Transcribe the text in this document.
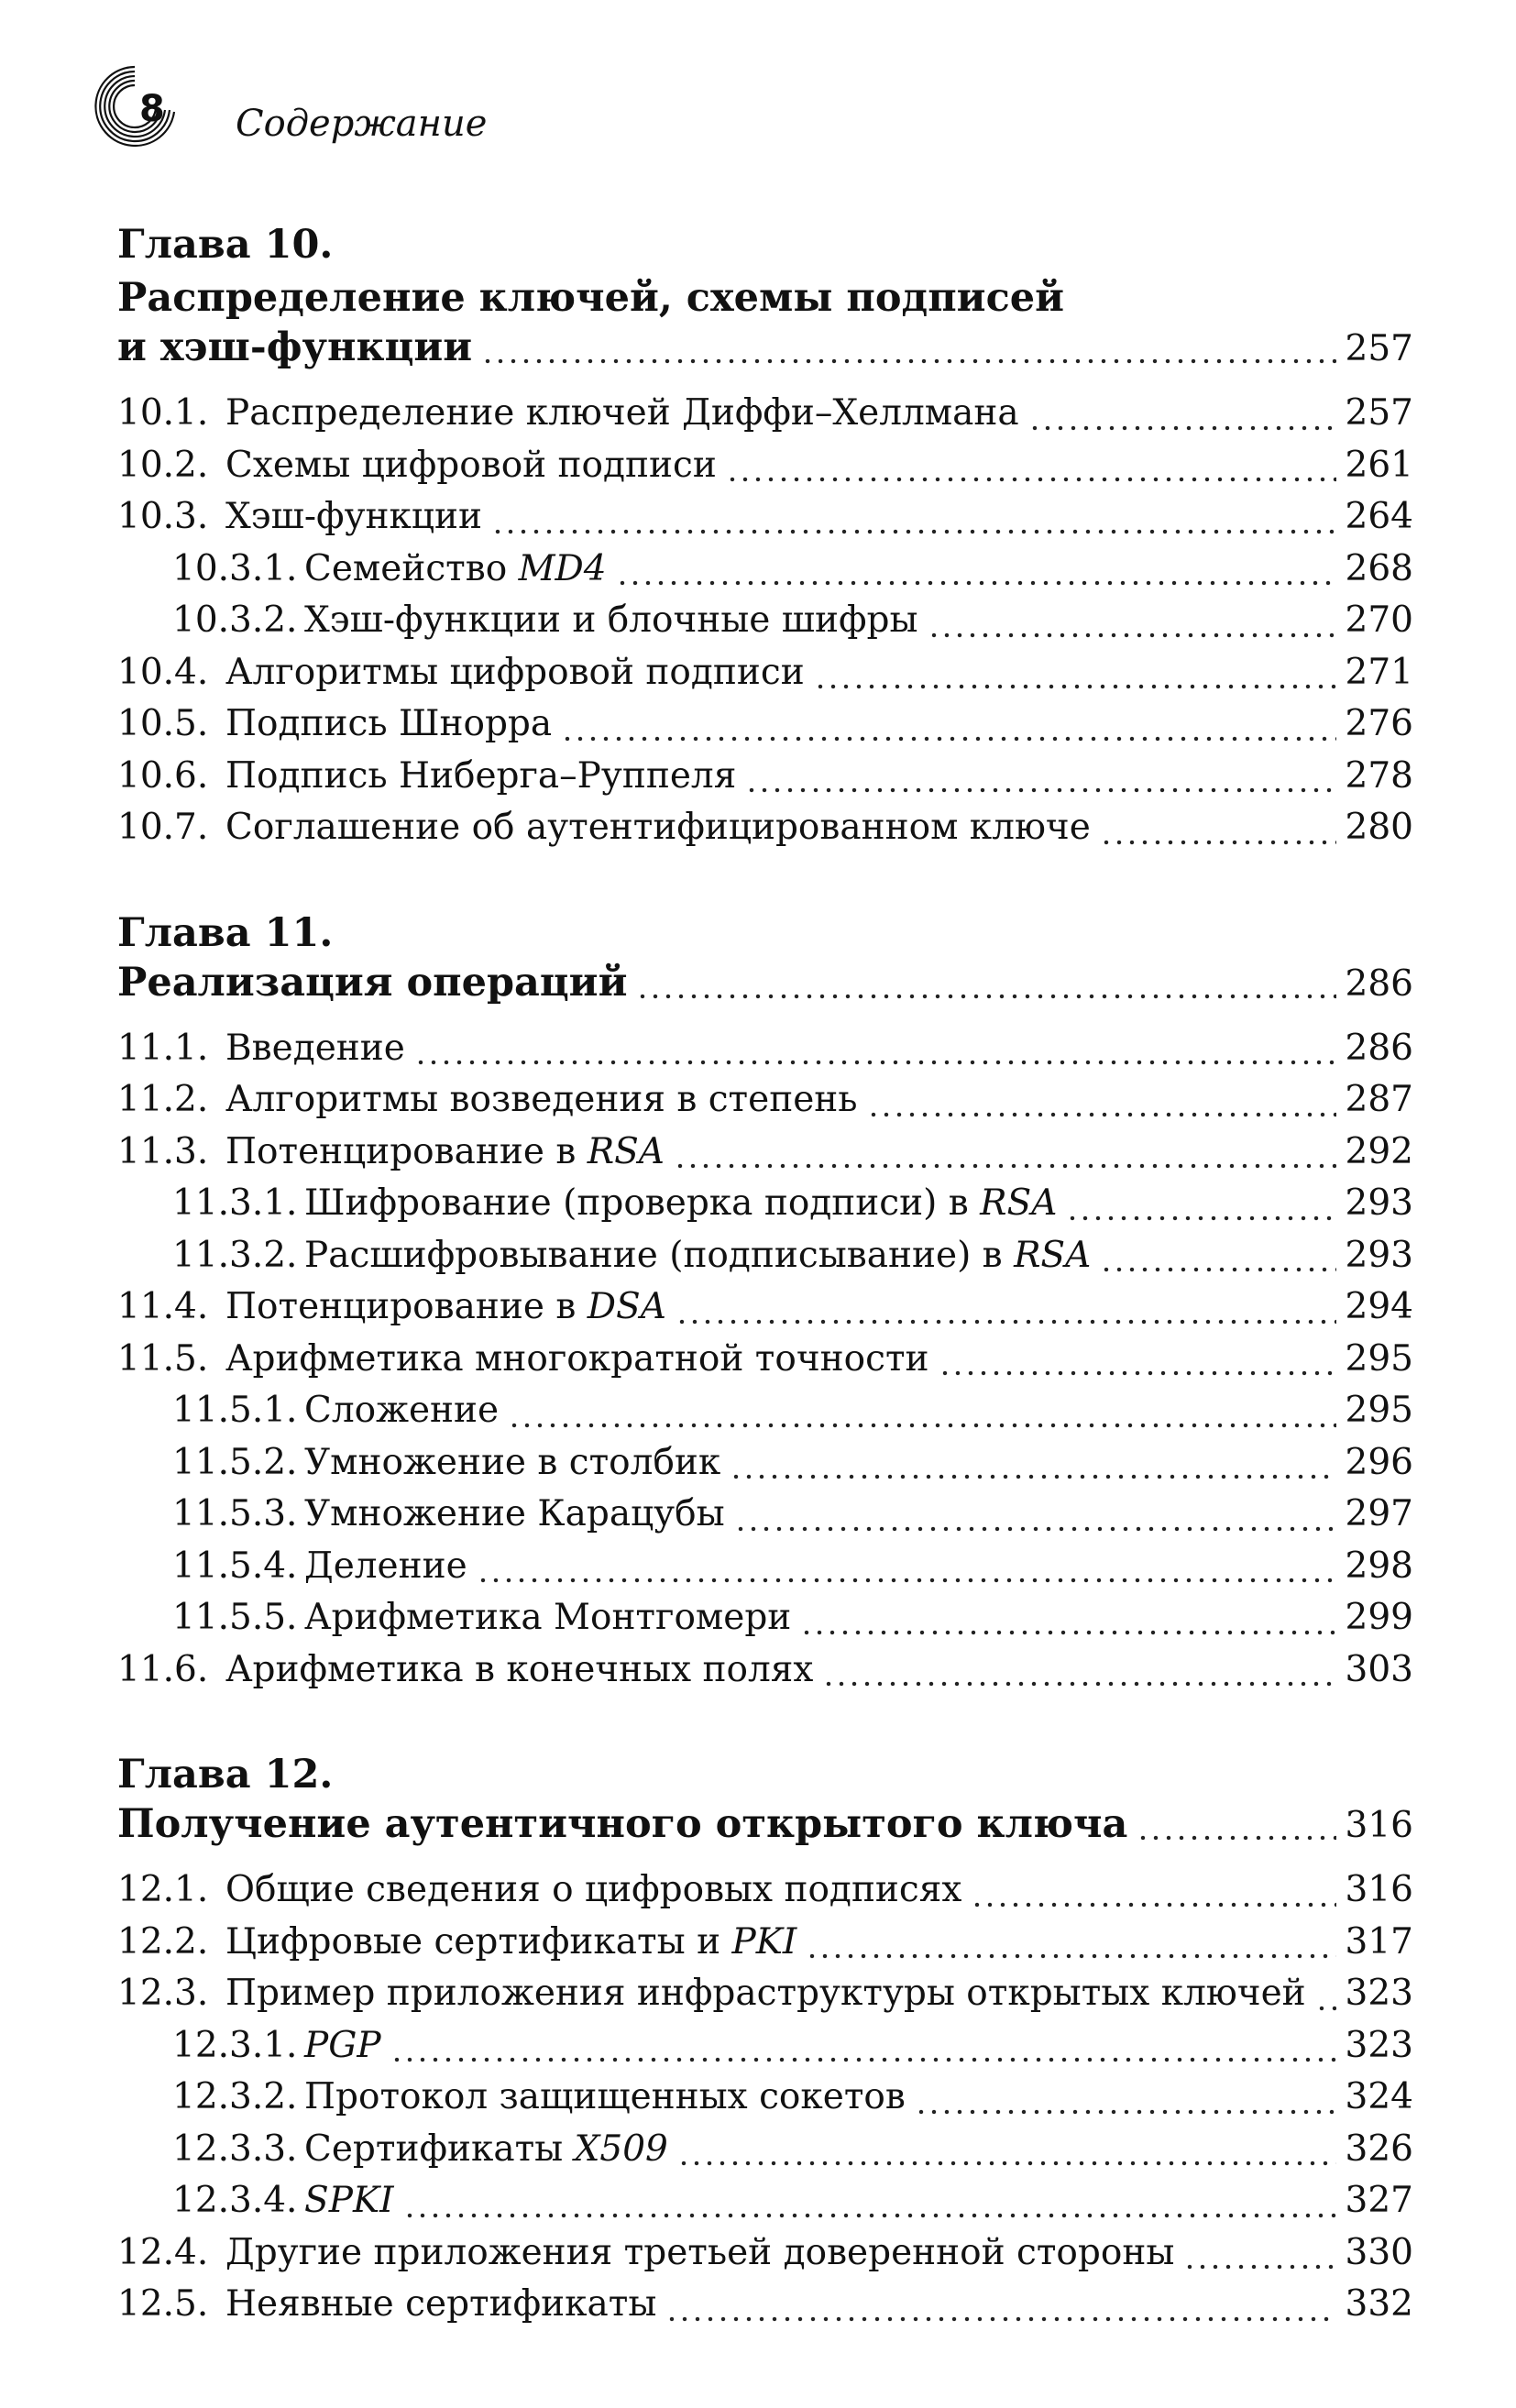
8 Содержание
Глава 10.
Распределение ключей, схемы подписей
и хэш-функции	257
10.1. Распределение ключей Диффи–Хеллмана	257
10.2. Схемы цифровой подписи	261
10.3. Хэш-функции	264
10.3.1. Семейство MD4	268
10.3.2. Хэш-функции и блочные шифры	270
10.4. Алгоритмы цифровой подписи	271
10.5. Подпись Шнорра	276
10.6. Подпись Ниберга–Руппеля	278
10.7. Соглашение об аутентифицированном ключе	280
Глава 11.
Реализация операций	286
11.1. Введение	286
11.2. Алгоритмы возведения в степень	287
11.3. Потенцирование в RSA	292
11.3.1. Шифрование (проверка подписи) в RSA	293
11.3.2. Расшифровывание (подписывание) в RSA	293
11.4. Потенцирование в DSA	294
11.5. Арифметика многократной точности	295
11.5.1. Сложение	295
11.5.2. Умножение в столбик	296
11.5.3. Умножение Карацубы	297
11.5.4. Деление	298
11.5.5. Арифметика Монтгомери	299
11.6. Арифметика в конечных полях	303
Глава 12.
Получение аутентичного открытого ключа	316
12.1. Общие сведения о цифровых подписях	316
12.2. Цифровые сертификаты и PKI	317
12.3. Пример приложения инфраструктуры открытых ключей 323
12.3.1. PGP	323
12.3.2. Протокол защищенных сокетов	324
12.3.3. Сертификаты X509	326
12.3.4. SPKI	327
12.4. Другие приложения третьей доверенной стороны	330
12.5. Неявные сертификаты	332
